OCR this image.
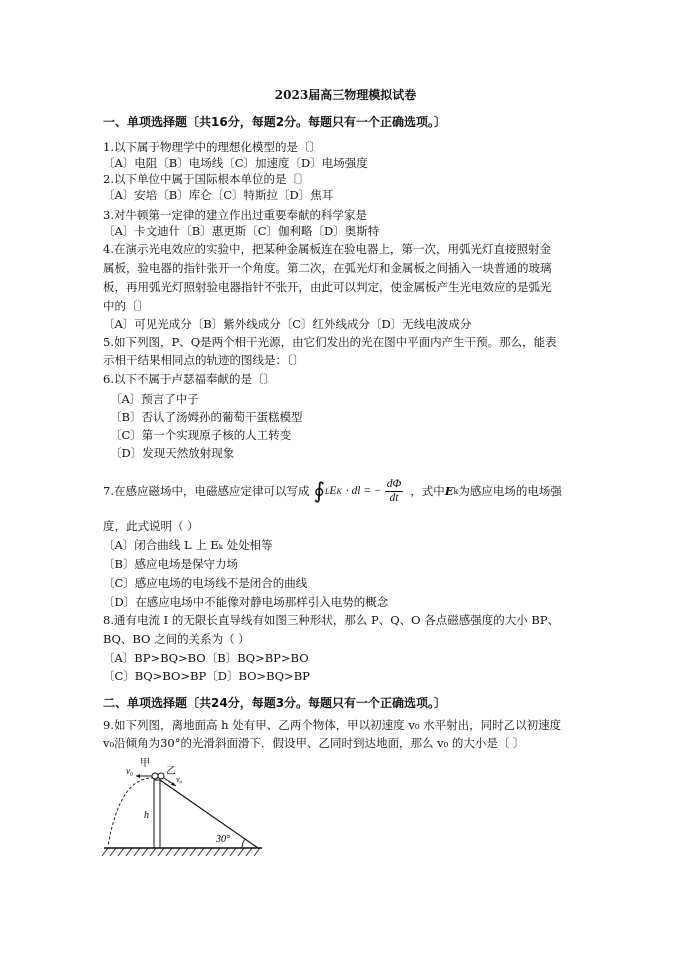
2023届高三物理模拟试卷
一、单项选择题〔共16分，每题2分。每题只有一个正确选项。〕
1.以下属于物理学中的理想化模型的是〔〕
〔A〕电阻〔B〕电场线〔C〕加速度〔D〕电场强度
2.以下单位中属于国际根本单位的是〔〕
〔A〕安培〔B〕库仑〔C〕特斯拉〔D〕焦耳
3.对牛顿第一定律的建立作出过重要奉献的科学家是
〔A〕卡文迪什〔B〕惠更斯〔C〕伽利略〔D〕奥斯特
4.在演示光电效应的实验中，把某种金属板连在验电器上，第一次，用弧光灯直接照射金
属板，验电器的指针张开一个角度。第二次，在弧光灯和金属板之间插入一块普通的玻璃
板，再用弧光灯照射验电器指针不张开，由此可以判定，使金属板产生光电效应的是弧光
中的〔〕
〔A〕可见光成分〔B〕紫外线成分〔C〕红外线成分〔D〕无线电波成分
5.如下列图，P、Q是两个相干光源，由它们发出的光在图中平面内产生干预。那么，能表
示相干结果相同点的轨迹的图线是：〔〕
6.以下不属于卢瑟福奉献的是〔〕
〔A〕预言了中子
〔B〕否认了汤姆孙的葡萄干蛋糕模型
〔C〕第一个实现原子核的人工转变
〔D〕发现天然放射现象
7.在感应磁场中，电磁感应定律可以写成 ∮ L E K · dl = − $\frac{d\Phi}{dt}$ ，式中 E k 为感应电场的电场强
度，此式说明（ ）
〔A〕闭合曲线 L 上 Eₖ 处处相等
〔B〕感应电场是保守力场
〔C〕感应电场的电场线不是闭合的曲线
〔D〕在感应电场中不能像对静电场那样引入电势的概念
8.通有电流 I 的无限长直导线有如图三种形状，那么 P、Q、O 各点磁感强度的大小 BP、
BQ、BO 之间的关系为（ ）
〔A〕BP>BQ>BO〔B〕BQ>BP>BO
〔C〕BQ>BO>BP〔D〕BO>BQ>BP
二、单项选择题〔共24分，每题3分。每题只有一个正确选项。〕
9.如下列图，离地面高 h 处有甲、乙两个物体，甲以初速度 v₀ 水平射出，同时乙以初速度
v₀沿倾角为30°的光滑斜面滑下．假设甲、乙同时到达地面，那么 v₀ 的大小是〔 〕
甲
乙
v₀
v₀
h
30°
